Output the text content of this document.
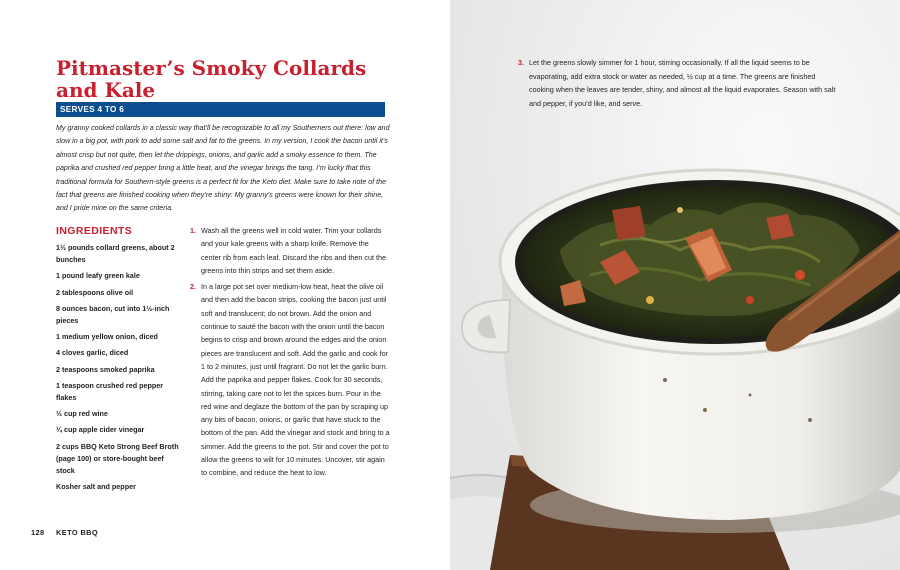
Pitmaster’s Smoky Collards and Kale
SERVES 4 TO 6

My granny cooked collards in a classic way that’ll be recognizable to all my Southerners out there: low and slow in a big pot, with pork to add some salt and fat to the greens. In my version, I cook the bacon until it’s almost crisp but not quite, then let the drippings, onions, and garlic add a smoky essence to them. The paprika and crushed red pepper bring a little heat, and the vinegar brings the tang. I’m lucky that this traditional formula for Southern-style greens is a perfect fit for the Keto diet. Make sure to take note of the fact that greens are finished cooking when they’re shiny: My granny’s greens were known for their shine, and I pride mine on the same criteria.

INGREDIENTS
1½ pounds collard greens, about 2 bunches
1 pound leafy green kale
2 tablespoons olive oil
8 ounces bacon, cut into 1½-inch pieces
1 medium yellow onion, diced
4 cloves garlic, diced
2 teaspoons smoked paprika
1 teaspoon crushed red pepper flakes
½ cup red wine
¼ cup apple cider vinegar
2 cups BBQ Keto Strong Beef Broth (page 100) or store-bought beef stock
Kosher salt and pepper
1. Wash all the greens well in cold water. Trim your collards and your kale greens with a sharp knife. Remove the center rib from each leaf. Discard the ribs and then cut the greens into thin strips and set them aside.
2. In a large pot set over medium-low heat, heat the olive oil and then add the bacon strips, cooking the bacon just until soft and translucent; do not brown. Add the onion and continue to sauté the bacon with the onion until the bacon begins to crisp and brown around the edges and the onion pieces are translucent and soft. Add the garlic and cook for 1 to 2 minutes, just until fragrant. Do not let the garlic burn. Add the paprika and pepper flakes. Cook for 30 seconds, stirring, taking care not to let the spices burn. Pour in the red wine and deglaze the bottom of the pan by scraping up any bits of bacon, onions, or garlic that have stuck to the bottom of the pan. Add the vinegar and stock and bring to a simmer. Add the greens to the pot. Stir and cover the pot to allow the greens to wilt for 10 minutes. Uncover, stir again to combine, and reduce the heat to low.
128 KETO BBQ

3. Let the greens slowly simmer for 1 hour, stirring occasionally. If all the liquid seems to be evaporating, add extra stock or water as needed, ½ cup at a time. The greens are finished cooking when the leaves are tender, shiny, and almost all the liquid evaporates. Season with salt and pepper, if you’d like, and serve.
